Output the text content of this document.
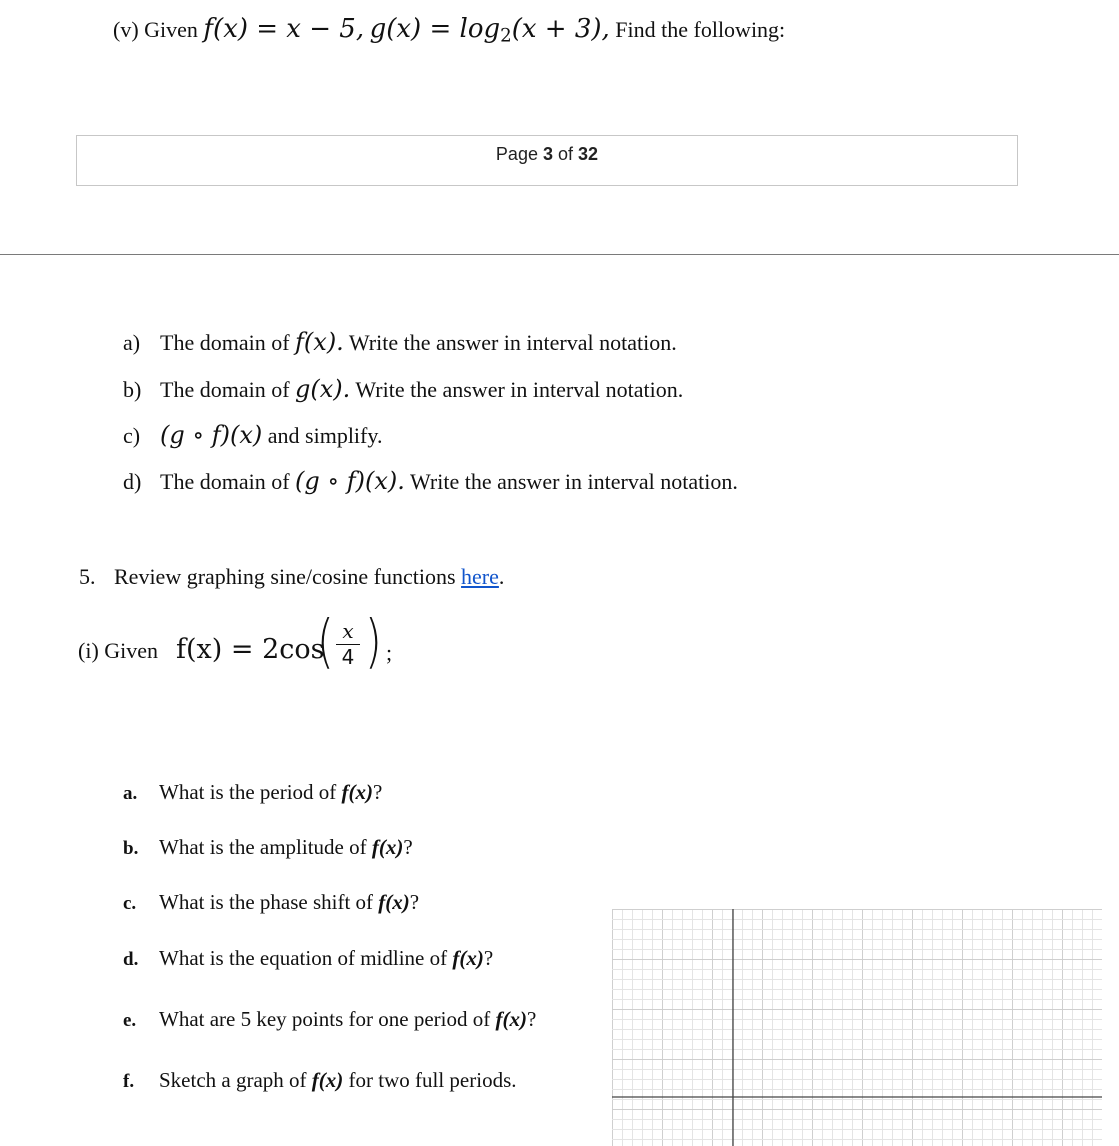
(v) Given f(x) = x − 5, $g(x) = \log_2(x + 3)$, Find the following:
Page 3 of 32
a) The domain of f(x). Write the answer in interval notation.
b) The domain of g(x). Write the answer in interval notation.
c) (g ∘ f)(x) and simplify.
d) The domain of (g ∘ f)(x). Write the answer in interval notation.
5. Review graphing sine/cosine functions here.
(i) Given f(x) = 2cos
( x
4 ) ;
a. What is the period of f(x)?
b. What is the amplitude of f(x)?
c. What is the phase shift of f(x)?
d. What is the equation of midline of f(x)?
e. What are 5 key points for one period of f(x)?
f. Sketch a graph of f(x) for two full periods.
